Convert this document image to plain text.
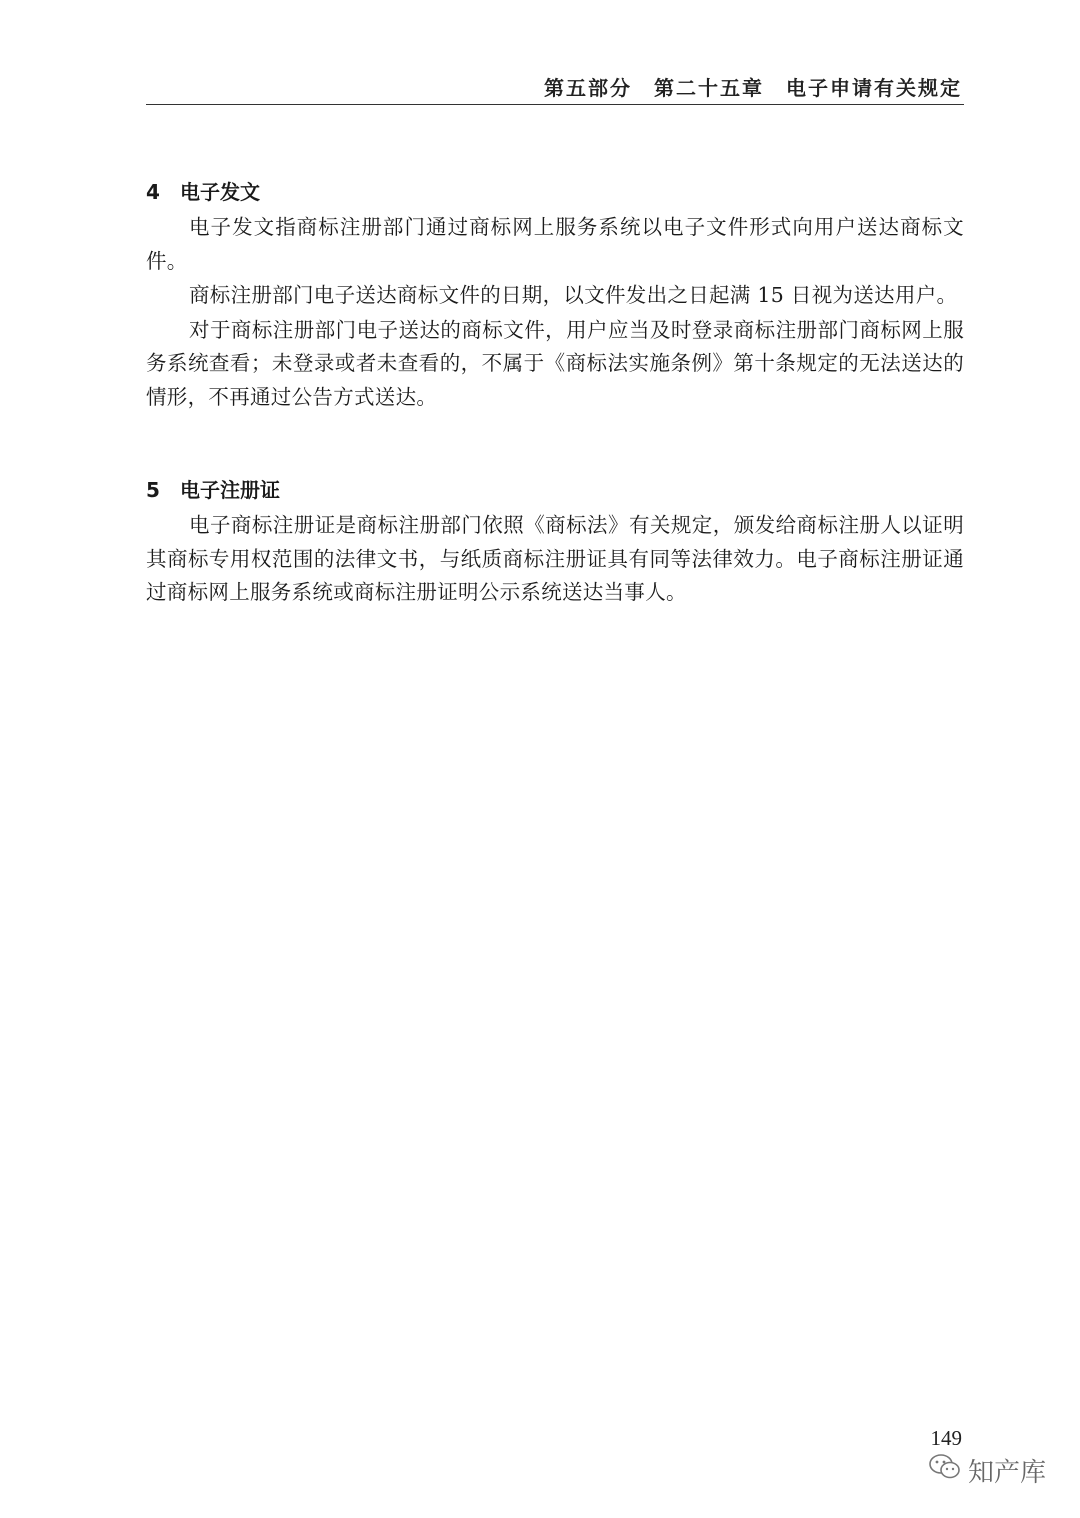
第五部分 第二十五章 电子申请有关规定
4 电子发文

电子发文指商标注册部门通过商标网上服务系统以电子文件形式向用户送达商标文件。

商标注册部门电子送达商标文件的日期，以文件发出之日起满 15 日视为送达用户。

对于商标注册部门电子送达的商标文件，用户应当及时登录商标注册部门商标网上服务系统查看；未登录或者未查看的，不属于《商标法实施条例》第十条规定的无法送达的情形，不再通过公告方式送达。

5 电子注册证

电子商标注册证是商标注册部门依照《商标法》有关规定，颁发给商标注册人以证明其商标专用权范围的法律文书，与纸质商标注册证具有同等法律效力。电子商标注册证通过商标网上服务系统或商标注册证明公示系统送达当事人。

149
知产库
